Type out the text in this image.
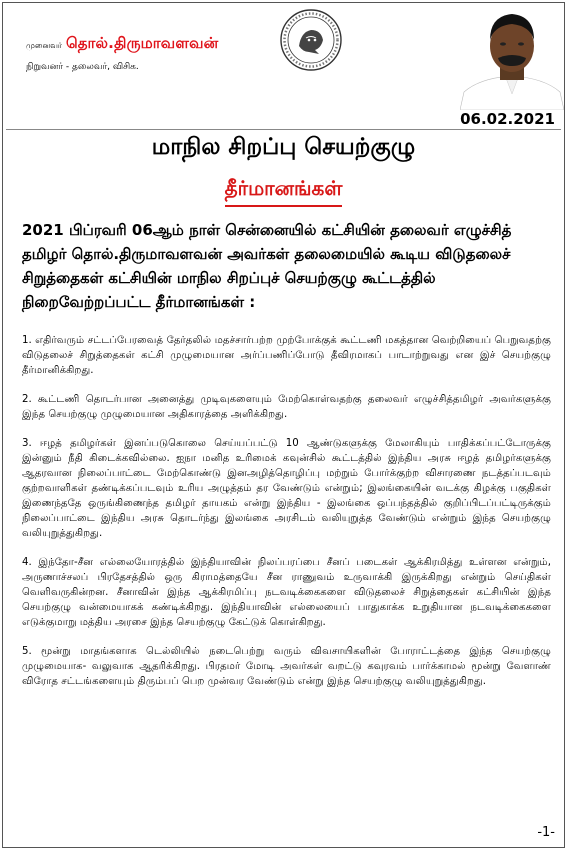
முனைவர் தொல்.திருமாவளவன்
நிறுவனர் - தலைவர், விசிக.
06.02.2021
மாநில சிறப்பு செயற்குழு
தீர்மானங்கள்
2021 பிப்ரவரி 06ஆம் நாள் சென்னையில் கட்சியின் தலைவர் எழுச்சித் தமிழர் தொல்.திருமாவளவன் அவர்கள் தலைமையில் கூடிய விடுதலைச் சிறுத்தைகள் கட்சியின் மாநில சிறப்புச் செயற்குழு கூட்டத்தில் நிறைவேற்றப்பட்ட தீர்மானங்கள் :

1. எதிர்வரும் சட்டப்பேரவைத் தேர்தலில் மதச்சார்பற்ற முற்போக்குக் கூட்டணி மகத்தான வெற்றியைப் பெறுவதற்கு விடுதலைச் சிறுத்தைகள் கட்சி முழுமையான அர்ப்பணிப்போடு தீவிரமாகப் பாடாற்றுவது என இச் செயற்குழு தீர்மானிக்கிறது.

2. கூட்டணி தொடர்பான அனைத்து முடிவுகளையும் மேற்கொள்வதற்கு தலைவர் எழுச்சித்தமிழர் அவர்களுக்கு இந்த செயற்குழு முழுமையான அதிகாரத்தை அளிக்கிறது.

3. ஈழத் தமிழர்கள் இனப்படுகொலை செய்யப்பட்டு 10 ஆண்டுகளுக்கு மேலாகியும் பாதிக்கப்பட்டோருக்கு இன்னும் நீதி கிடைக்கவில்லை. ஐநா மனித உரிமைக் கவுன்சில் கூட்டத்தில் இந்திய அரசு ஈழத் தமிழர்களுக்கு ஆதரவான நிலைப்பாட்டை மேற்கொண்டு இனஅழித்தொழிப்பு மற்றும் போர்க்குற்ற விசாரணை நடத்தப்படவும் குற்றவாளிகள் தண்டிக்கப்படவும் உரிய அழுத்தம் தர வேண்டும் என்றும்; இலங்கையின் வடக்கு கிழக்கு பகுதிகள் இணைந்ததே ஒருங்கிணைந்த தமிழர் தாயகம் என்று இந்திய - இலங்கை ஒப்பந்தத்தில் குறிப்பிடப்பட்டிருக்கும் நிலைப்பாட்டை இந்திய அரசு தொடர்ந்து இலங்கை அரசிடம் வலியுறுத்த வேண்டும் என்றும் இந்த செயற்குழு வலியுறுத்துகிறது.

4. இந்தோ-சீன எல்லையோரத்தில் இந்தியாவின் நிலப்பரப்பை சீனப் படைகள் ஆக்கிரமித்து உள்ளன என்றும், அருணாச்சலப் பிரதேசத்தில் ஒரு கிராமத்தையே சீன ராணுவம் உருவாக்கி இருக்கிறது என்றும் செய்திகள் வெளிவருகின்றன. சீனாவின் இந்த ஆக்கிரமிப்பு நடவடிக்கைகளை விடுதலைச் சிறுத்தைகள் கட்சியின் இந்த செயற்குழு வன்மையாகக் கண்டிக்கிறது. இந்தியாவின் எல்லையைப் பாதுகாக்க உறுதியான நடவடிக்கைகளை எடுக்குமாறு மத்திய அரசை இந்த செயற்குழு கேட்டுக் கொள்கிறது.

5. மூன்று மாதங்களாக டெல்லியில் நடைபெற்று வரும் விவசாயிகளின் போராட்டத்தை இந்த செயற்குழு முழுமையாக- வலுவாக ஆதரிக்கிறது. பிரதமர் மோடி அவர்கள் வறட்டு கவுரவம் பார்க்காமல் மூன்று வேளாண் விரோத சட்டங்களையும் திரும்பப் பெற முன்வர வேண்டும் என்று இந்த செயற்குழு வலியுறுத்துகிறது.

-1-
